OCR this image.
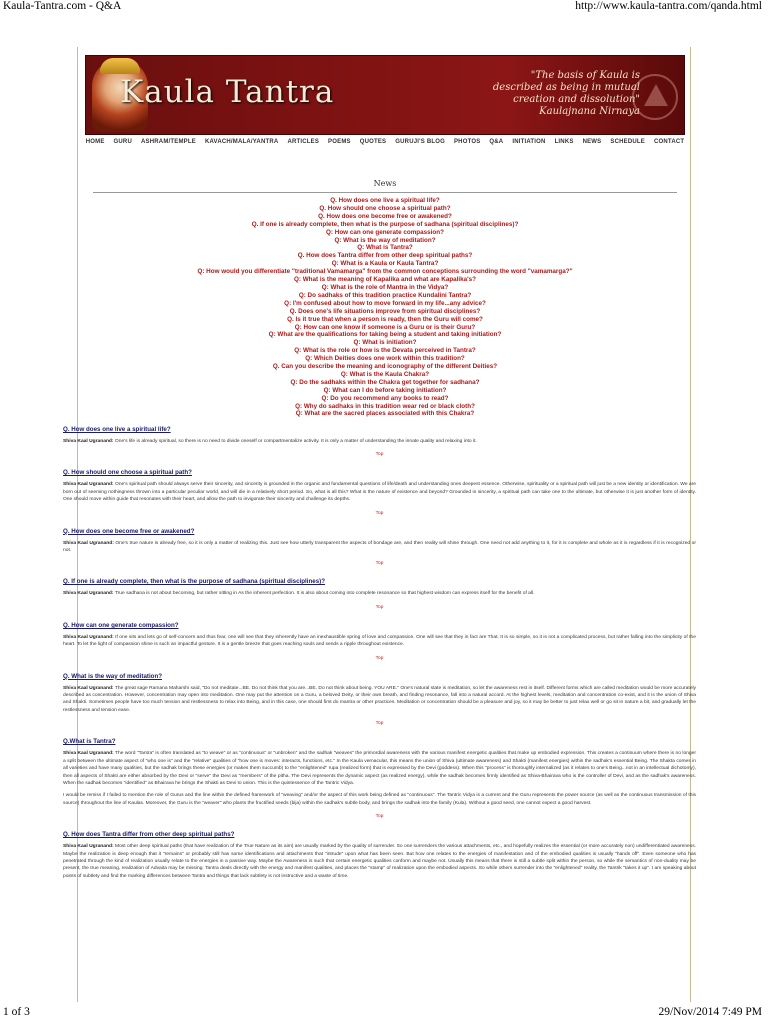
Kaula-Tantra.com - Q&A	http://www.kaula-tantra.com/qanda.html
Kaula Tantra	"The basis of Kaula is described as being in mutual creation and dissolution" Kaulajnana Nirnaya
HOME GURU ASHRAM/TEMPLE KAVACH/MALA/YANTRA ARTICLES POEMS QUOTES GURUJI'S BLOG PHOTOS Q&A INITIATION LINKS NEWS SCHEDULE CONTACT
News
Q. How does one live a spiritual life?
Q. How should one choose a spiritual path?
Q. How does one become free or awakened?
Q. If one is already complete, then what is the purpose of sadhana (spiritual disciplines)?
Q: How can one generate compassion?
Q: What is the way of meditation?
Q: What is Tantra?
Q. How does Tantra differ from other deep spiritual paths?
Q: What is a Kaula or Kaula Tantra?
Q: How would you differentiate "traditional Vamamarga" from the common conceptions surrounding the word "vamamarga?"
Q: What is the meaning of Kapalika and what are Kapalika's?
Q: What is the role of Mantra in the Vidya?
Q: Do sadhaks of this tradition practice Kundalini Tantra?
Q: I'm confused about how to move forward in my life...any advice?
Q. Does one's life situations improve from spiritual disciplines?
Q. Is it true that when a person is ready, then the Guru will come?
Q: How can one know if someone is a Guru or is their Guru?
Q: What are the qualifications for taking being a student and taking initiation?
Q: What is initiation?
Q: What is the role or how is the Devata perceived in Tantra?
Q: Which Deities does one work within this tradition?
Q. Can you describe the meaning and iconography of the different Deities?
Q: What is the Kaula Chakra?
Q: Do the sadhaks within the Chakra get together for sadhana?
Q: What can I do before taking initiation?
Q: Do you recommend any books to read?
Q: Why do sadhaks in this tradition wear red or black cloth?
Q: What are the sacred places associated with this Chakra?
Q. How does one live a spiritual life?

Shiva Kaal Ugranand: One's life is already spiritual, so there is no need to divide oneself or compartmentalize activity. It is only a matter of understanding the innate quality and relaxing into it.

Top
Q. How should one choose a spiritual path?

Shiva Kaal Ugranand: One's spiritual path should always serve their sincerity, and sincerity is grounded in the organic and fundamental questions of life/death and understanding ones deepest essence. Otherwise, spirituality or a spiritual path will just be a new identity or identification. We are born out of seeming nothingness thrown into a particular peculiar world, and will die in a relatively short period. So, what is all this? What is the nature of existence and beyond? Grounded in sincerity, a spiritual path can take one to the ultimate, but otherwise it is just another form of identity. One should move within guide that resonates with their heart, and allow the path to invigorate their sincerity and challenge its depths.

Top
Q. How does one become free or awakened?

Shiva Kaal Ugranand: One's true nature is already free, so it is only a matter of realizing this. Just see how utterly transparent the aspects of bondage are, and then reality will shine through. One need not add anything to it, for it is complete and whole as it is regardless if it is recognized or not.

Top
Q. If one is already complete, then what is the purpose of sadhana (spiritual disciplines)?

Shiva Kaal Ugranand: True sadhana is not about becoming, but rather sitting in As the inherent perfection. It is also about coming into complete resonance so that highest wisdom can express itself for the benefit of all.

Top
Q. How can one generate compassion?

Shiva Kaal Ugranand: If one sits and lets go of self-concern and thus fear, one will see that they inherently have an inexhaustible spring of love and compassion. One will see that they in fact are That. It is so simple, so it is not a complicated process, but rather falling into the simplicity of the heart. To let the light of compassion shine is such an impactful gesture. It is a gentle breeze that goes reaching souls and sends a ripple throughout existence.

Top
Q. What is the way of meditation?

Shiva Kaal Ugranand: The great sage Ramana Maharshi said, "Do not meditate...BE. Do not think that you are...BE. Do not think about being. YOU ARE." One's natural state is meditation, so let the awareness rest in itself. Different forms which are called meditation would be more accurately described as concentration. However, concentration may open into meditation. One may put the attention on a Guru, a beloved Deity, or their own breath, and finding resonance, fall into a natural accord. At the highest levels, meditation and concentration co-exist, and it is the union of Shiva and Shakti. Sometimes people have too much tension and restlessness to relax into Being, and in this case, one should first do mantra or other practices. Meditation or concentration should be a pleasure and joy, so it may be better to just relax well or go sit in nature a bit, and gradually let the restlessness and tension ease.

Top
Q.What is Tantra?

Shiva Kaal Ugranand: The word "Tantra" is often translated as "to weave" or as "continuous" or "unbroken" and the sadhak "weaves" the primordial awareness with the various manifest energetic qualities that make up embodied expression. This creates a continuum where there is no longer a split between the ultimate aspect of "who one is" and the "relative" qualities of "how one is moves: interacts, functions, etc." In the Kaula vernacular, this means the union of Shiva (ultimate awareness) and Shakti (manifest energies) within the sadhak's essential Being. The Shakta comes in all varieties and have many qualities, but the sadhak brings these energies (or makes them succumb) to the "enlightened" rupa (realized form) that is expressed by the Devi (goddess). When this "process" is thoroughly internalized (as it relates to one's Being...not in an intellectual dichotomy), then all aspects of Shakti are either absorbed by the Devi or "serve" the Devi as "members" of the pitha. The Devi represents the dynamic aspect (as realized energy), while the sadhak becomes firmly identified as Shiva-Bhairava who is the controller of Devi, and as the sadhak's awareness. When the sadhak becomes "identified" as Bhairava he brings the Shakti as Devi to union. This is the quintessence of the Tantric Vidya.

I would be remiss if I failed to mention the role of Gurus and the line within the defined framework of "weaving" and/or the aspect of this work being defined as "continuous". The Tantric Vidya is a current and the Guru represents the power source (as well as the continuous transmission of this source) throughout the line of Kaulas. Moreover, the Guru is the "weaver" who plants the fructified seeds (bija) within the sadhak's subtle body, and brings the sadhak into the family (Kula). Without a good seed, one cannot expect a good harvest.

Top
Q. How does Tantra differ from other deep spiritual paths?

Shiva Kaal Ugranand: Most other deep spiritual paths (that have realization of the True Nature as its aim) are usually marked by the quality of surrender. So one surrenders the various attachments, etc., and hopefully realizes the essential (or more accurately non) undifferentiated awareness. Maybe the realization is deep enough that it "remains" or probably still has some identifications and attachments that "intrude" upon what has been seen. But how one relates to the energies of manifestation and of the embodied qualities is usually "hands off". Even someone who has penetrated through the kind of realization usually relate to the energies in a passive way. Maybe the Awareness is such that certain energetic qualities conform and maybe not. Usually this means that there is still a subtle split within the person, so while the semantics of non-duality may be present, the true meaning, realization of Advaita may be missing. Tantra deals directly with the energy and manifest qualities, and places the "stamp" of realization upon the embodied aspects. So while others surrender into the "enlightened" reality, the Tantrik "takes it up". I am speaking about points of subtlety and find the marking differences between Tantra and things that lack subtlety is not instructive and a waste of time.

1 of 3	29/Nov/2014 7:49 PM
